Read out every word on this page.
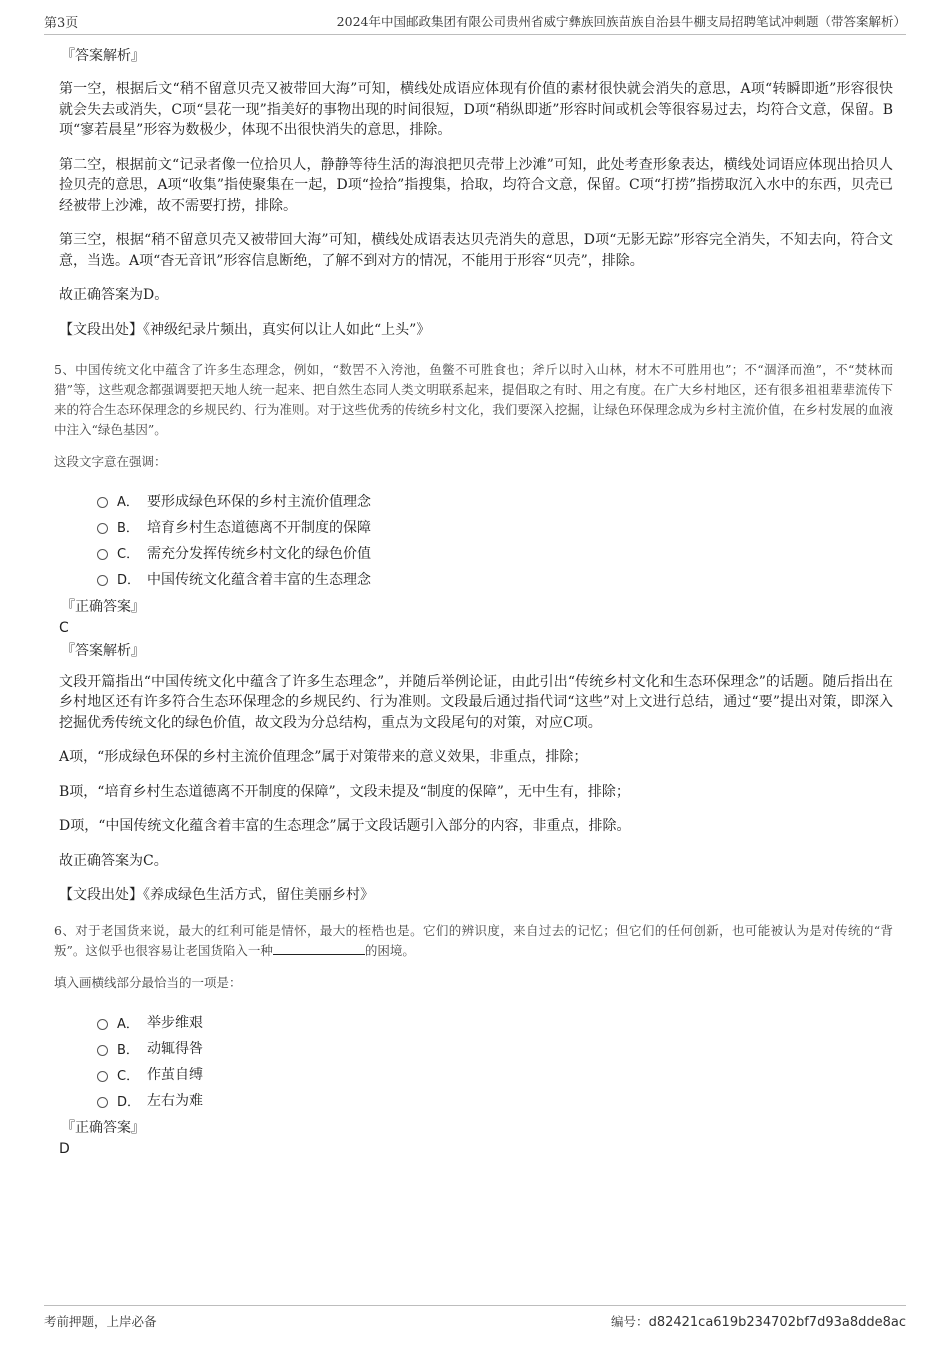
第3页	2024年中国邮政集团有限公司贵州省威宁彝族回族苗族自治县牛棚支局招聘笔试冲刺题（带答案解析）
『答案解析』

第一空，根据后文“稍不留意贝壳又被带回大海”可知，横线处成语应体现有价值的素材很快就会消失的意思，A项“转瞬即逝”形容很快就会失去或消失，C项“昙花一现”指美好的事物出现的时间很短，D项“稍纵即逝”形容时间或机会等很容易过去，均符合文意，保留。B项“寥若晨星”形容为数极少，体现不出很快消失的意思，排除。

第二空，根据前文“记录者像一位拾贝人，静静等待生活的海浪把贝壳带上沙滩”可知，此处考查形象表达，横线处词语应体现出拾贝人捡贝壳的意思，A项“收集”指使聚集在一起，D项“捡拾”指搜集，拾取，均符合文意，保留。C项“打捞”指捞取沉入水中的东西，贝壳已经被带上沙滩，故不需要打捞，排除。

第三空，根据“稍不留意贝壳又被带回大海”可知，横线处成语表达贝壳消失的意思，D项“无影无踪”形容完全消失，不知去向，符合文意，当选。A项“杳无音讯”形容信息断绝，了解不到对方的情况，不能用于形容“贝壳”，排除。

故正确答案为D。

【文段出处】《神级纪录片频出，真实何以让人如此“上头”》

5、中国传统文化中蕴含了许多生态理念，例如，“数罟不入洿池，鱼鳖不可胜食也；斧斤以时入山林，材木不可胜用也”；不“涸泽而渔”，不“焚林而猎”等，这些观念都强调要把天地人统一起来、把自然生态同人类文明联系起来，提倡取之有时、用之有度。在广大乡村地区，还有很多祖祖辈辈流传下来的符合生态环保理念的乡规民约、行为准则。对于这些优秀的传统乡村文化，我们要深入挖掘，让绿色环保理念成为乡村主流价值，在乡村发展的血液中注入“绿色基因”。

这段文字意在强调：

A． 要形成绿色环保的乡村主流价值理念
B． 培育乡村生态道德离不开制度的保障
C． 需充分发挥传统乡村文化的绿色价值
D． 中国传统文化蕴含着丰富的生态理念
『正确答案』
C
『答案解析』

文段开篇指出“中国传统文化中蕴含了许多生态理念”，并随后举例论证，由此引出“传统乡村文化和生态环保理念”的话题。随后指出在乡村地区还有许多符合生态环保理念的乡规民约、行为准则。文段最后通过指代词“这些”对上文进行总结，通过“要”提出对策，即深入挖掘优秀传统文化的绿色价值，故文段为分总结构，重点为文段尾句的对策，对应C项。

A项，“形成绿色环保的乡村主流价值理念”属于对策带来的意义效果，非重点，排除；

B项，“培育乡村生态道德离不开制度的保障”，文段未提及“制度的保障”，无中生有，排除；

D项，“中国传统文化蕴含着丰富的生态理念”属于文段话题引入部分的内容，非重点，排除。

故正确答案为C。

【文段出处】《养成绿色生活方式，留住美丽乡村》

6、对于老国货来说，最大的红利可能是情怀，最大的桎梏也是。它们的辨识度，来自过去的记忆；但它们的任何创新，也可能被认为是对传统的“背叛”。这似乎也很容易让老国货陷入一种	的困境。

填入画横线部分最恰当的一项是：

A． 举步维艰
B． 动辄得咎
C． 作茧自缚
D． 左右为难
『正确答案』
D
考前押题，上岸必备	编号：d82421ca619b234702bf7d93a8dde8ac
